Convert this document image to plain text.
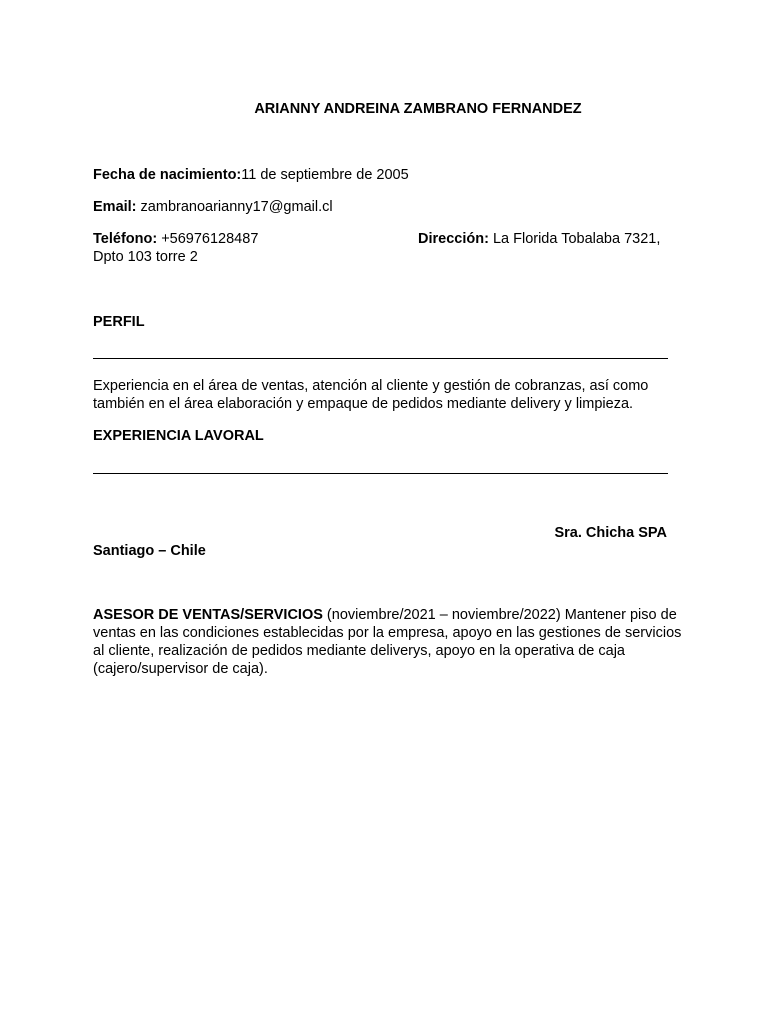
ARIANNY ANDREINA ZAMBRANO FERNANDEZ
Fecha de nacimiento:11 de septiembre de 2005
Email: zambranoarianny17@gmail.cl
Teléfono: +56976128487	Dirección: La Florida Tobalaba 7321,
Dpto 103 torre 2
PERFIL
Experiencia en el área de ventas, atención al cliente y gestión de cobranzas, así como
también en el área elaboración y empaque de pedidos mediante delivery y limpieza.
EXPERIENCIA LAVORAL
Sra. Chicha SPA
Santiago – Chile
ASESOR DE VENTAS/SERVICIOS (noviembre/2021 – noviembre/2022) Mantener piso de
ventas en las condiciones establecidas por la empresa, apoyo en las gestiones de servicios
al cliente, realización de pedidos mediante deliverys, apoyo en la operativa de caja
(cajero/supervisor de caja).
